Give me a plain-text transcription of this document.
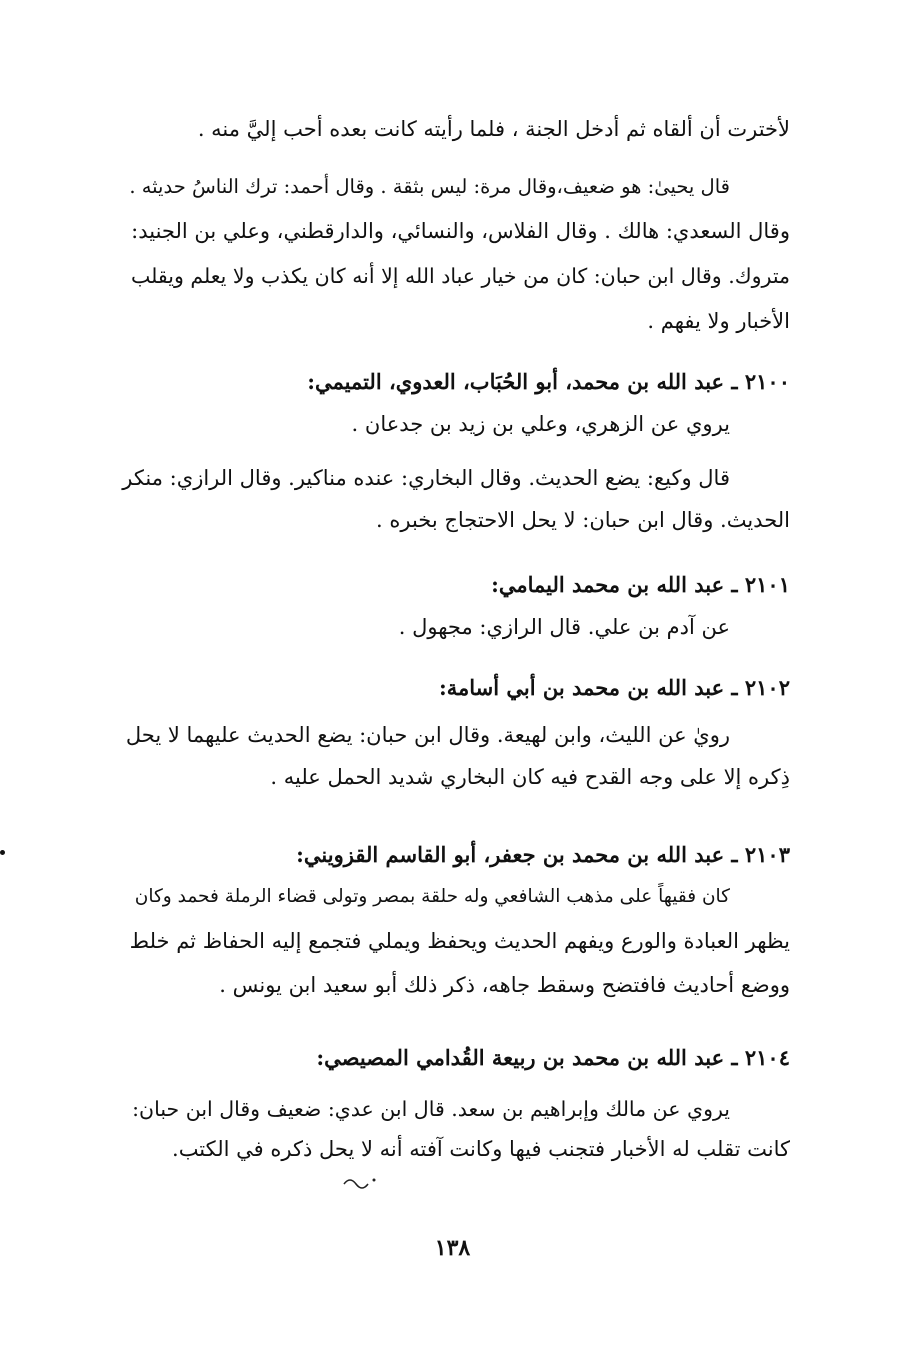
لأخترت أن ألقاه ثم أدخل الجنة ، فلما رأيته كانت بعده أحب إليَّ منه .
قال يحيىٰ: هو ضعيف،وقال مرة: ليس بثقة . وقال أحمد: ترك الناسُ حديثه .
وقال السعدي: هالك . وقال الفلاس، والنسائي، والدارقطني، وعلي بن الجنيد:
متروك. وقال ابن حبان: كان من خيار عباد الله إلا أنه كان يكذب ولا يعلم ويقلب
الأخبار ولا يفهم .
٢١٠٠ ـ عبد الله بن محمد، أبو الحُبَاب، العدوي، التميمي:
يروي عن الزهري، وعلي بن زيد بن جدعان .
قال وكيع: يضع الحديث. وقال البخاري: عنده مناكير. وقال الرازي: منكر
الحديث. وقال ابن حبان: لا يحل الاحتجاج بخبره .
٢١٠١ ـ عبد الله بن محمد اليمامي:
عن آدم بن علي. قال الرازي: مجهول .
٢١٠٢ ـ عبد الله بن محمد بن أبي أسامة:
رويٰ عن الليث، وابن لهيعة. وقال ابن حبان: يضع الحديث عليهما لا يحل
ذِكره إلا على وجه القدح فيه كان البخاري شديد الحمل عليه .
٢١٠٣ ـ عبد الله بن محمد بن جعفر، أبو القاسم القزويني:
كان فقيهاً على مذهب الشافعي وله حلقة بمصر وتولى قضاء الرملة فحمد وكان
يظهر العبادة والورع ويفهم الحديث ويحفظ ويملي فتجمع إليه الحفاظ ثم خلط
ووضع أحاديث فافتضح وسقط جاهه، ذكر ذلك أبو سعيد ابن يونس .
٢١٠٤ ـ عبد الله بن محمد بن ربيعة القُدامي المصيصي:
يروي عن مالك وإبراهيم بن سعد. قال ابن عدي: ضعيف وقال ابن حبان:
كانت تقلب له الأخبار فتجنب فيها وكانت آفته أنه لا يحل ذكره في الكتب.
١٣٨
